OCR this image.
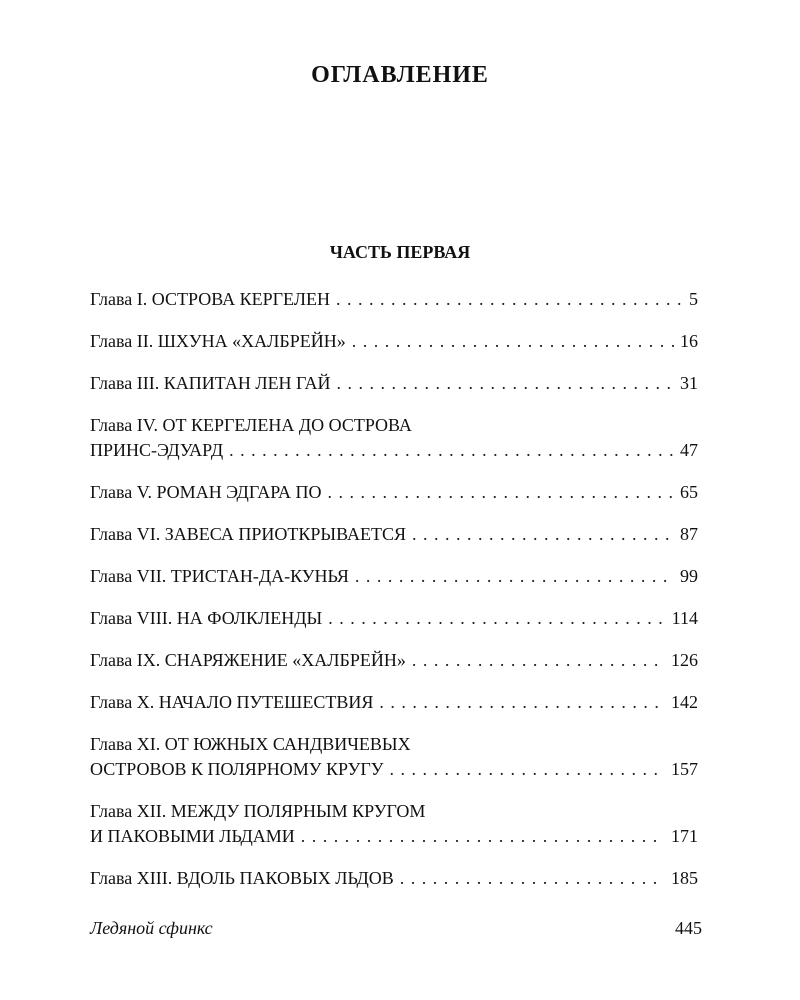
ОГЛАВЛЕНИЕ
ЧАСТЬ ПЕРВАЯ
Глава I. ОСТРОВА КЕРГЕЛЕН . . .	5
Глава II. ШХУНА «ХАЛБРЕЙН» . . .	16
Глава III. КАПИТАН ЛЕН ГАЙ . . .	31
Глава IV. ОТ КЕРГЕЛЕНА ДО ОСТРОВА
ПРИНС-ЭДУАРД . . .	47
Глава V. РОМАН ЭДГАРА ПО . . .	65
Глава VI. ЗАВЕСА ПРИОТКРЫВАЕТСЯ . . .	87
Глава VII. ТРИСТАН-ДА-КУНЬЯ . . .	99
Глава VIII. НА ФОЛКЛЕНДЫ . . .	114
Глава IX. СНАРЯЖЕНИЕ «ХАЛБРЕЙН» . . .	126
Глава X. НАЧАЛО ПУТЕШЕСТВИЯ . . .	142
Глава XI. ОТ ЮЖНЫХ САНДВИЧЕВЫХ
ОСТРОВОВ К ПОЛЯРНОМУ КРУГУ . . .	157
Глава XII. МЕЖДУ ПОЛЯРНЫМ КРУГОМ
И ПАКОВЫМИ ЛЬДАМИ . . .	171
Глава XIII. ВДОЛЬ ПАКОВЫХ ЛЬДОВ . . .	185
Ледяной сфинкс	445
